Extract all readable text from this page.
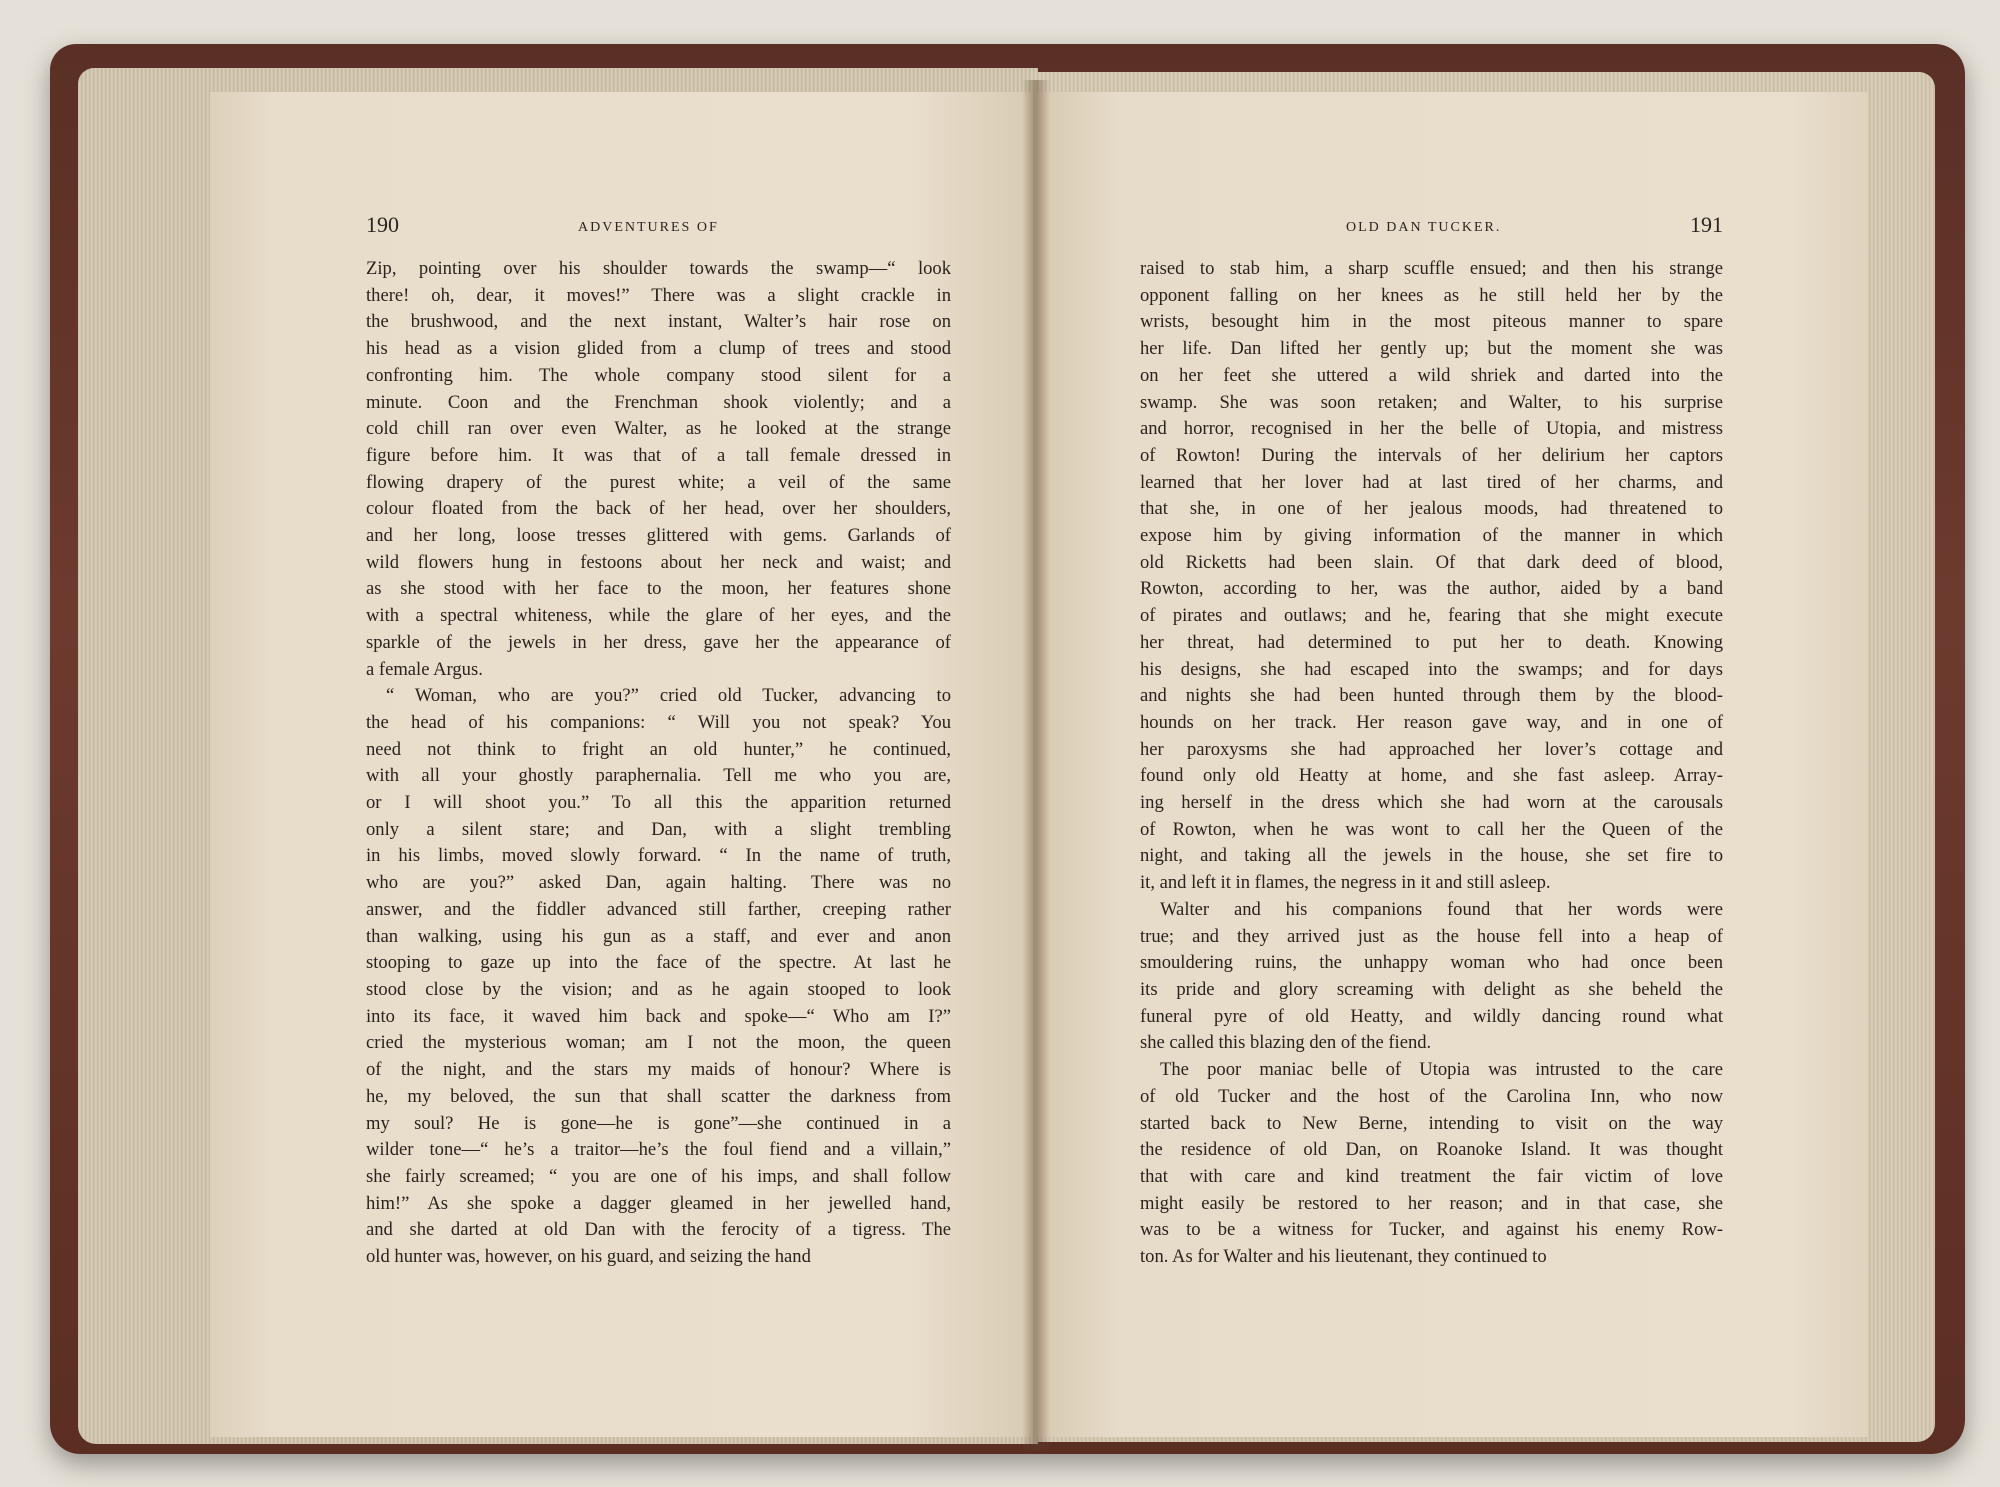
190	ADVENTURES OF	OLD DAN TUCKER.	191
Zip, pointing over his shoulder towards the swamp—“ look
there! oh, dear, it moves!” There was a slight crackle in
the brushwood, and the next instant, Walter’s hair rose on
his head as a vision glided from a clump of trees and stood
confronting him. The whole company stood silent for a
minute. Coon and the Frenchman shook violently; and a
cold chill ran over even Walter, as he looked at the strange
figure before him. It was that of a tall female dressed in
flowing drapery of the purest white; a veil of the same
colour floated from the back of her head, over her shoulders,
and her long, loose tresses glittered with gems. Garlands of
wild flowers hung in festoons about her neck and waist; and
as she stood with her face to the moon, her features shone
with a spectral whiteness, while the glare of her eyes, and the
sparkle of the jewels in her dress, gave her the appearance of
a female Argus.
“ Woman, who are you?” cried old Tucker, advancing to
the head of his companions: “ Will you not speak? You
need not think to fright an old hunter,” he continued,
with all your ghostly paraphernalia. Tell me who you are,
or I will shoot you.” To all this the apparition returned
only a silent stare; and Dan, with a slight trembling
in his limbs, moved slowly forward. “ In the name of truth,
who are you?” asked Dan, again halting. There was no
answer, and the fiddler advanced still farther, creeping rather
than walking, using his gun as a staff, and ever and anon
stooping to gaze up into the face of the spectre. At last he
stood close by the vision; and as he again stooped to look
into its face, it waved him back and spoke—“ Who am I?”
cried the mysterious woman; am I not the moon, the queen
of the night, and the stars my maids of honour? Where is
he, my beloved, the sun that shall scatter the darkness from
my soul? He is gone—he is gone”—she continued in a
wilder tone—“ he’s a traitor—he’s the foul fiend and a villain,”
she fairly screamed; “ you are one of his imps, and shall follow
him!” As she spoke a dagger gleamed in her jewelled hand,
and she darted at old Dan with the ferocity of a tigress. The
old hunter was, however, on his guard, and seizing the hand
raised to stab him, a sharp scuffle ensued; and then his strange
opponent falling on her knees as he still held her by the
wrists, besought him in the most piteous manner to spare
her life. Dan lifted her gently up; but the moment she was
on her feet she uttered a wild shriek and darted into the
swamp. She was soon retaken; and Walter, to his surprise
and horror, recognised in her the belle of Utopia, and mistress
of Rowton! During the intervals of her delirium her captors
learned that her lover had at last tired of her charms, and
that she, in one of her jealous moods, had threatened to
expose him by giving information of the manner in which
old Ricketts had been slain. Of that dark deed of blood,
Rowton, according to her, was the author, aided by a band
of pirates and outlaws; and he, fearing that she might execute
her threat, had determined to put her to death. Knowing
his designs, she had escaped into the swamps; and for days
and nights she had been hunted through them by the blood-
hounds on her track. Her reason gave way, and in one of
her paroxysms she had approached her lover’s cottage and
found only old Heatty at home, and she fast asleep. Array-
ing herself in the dress which she had worn at the carousals
of Rowton, when he was wont to call her the Queen of the
night, and taking all the jewels in the house, she set fire to
it, and left it in flames, the negress in it and still asleep.
Walter and his companions found that her words were
true; and they arrived just as the house fell into a heap of
smouldering ruins, the unhappy woman who had once been
its pride and glory screaming with delight as she beheld the
funeral pyre of old Heatty, and wildly dancing round what
she called this blazing den of the fiend.
The poor maniac belle of Utopia was intrusted to the care
of old Tucker and the host of the Carolina Inn, who now
started back to New Berne, intending to visit on the way
the residence of old Dan, on Roanoke Island. It was thought
that with care and kind treatment the fair victim of love
might easily be restored to her reason; and in that case, she
was to be a witness for Tucker, and against his enemy Row-
ton. As for Walter and his lieutenant, they continued to
